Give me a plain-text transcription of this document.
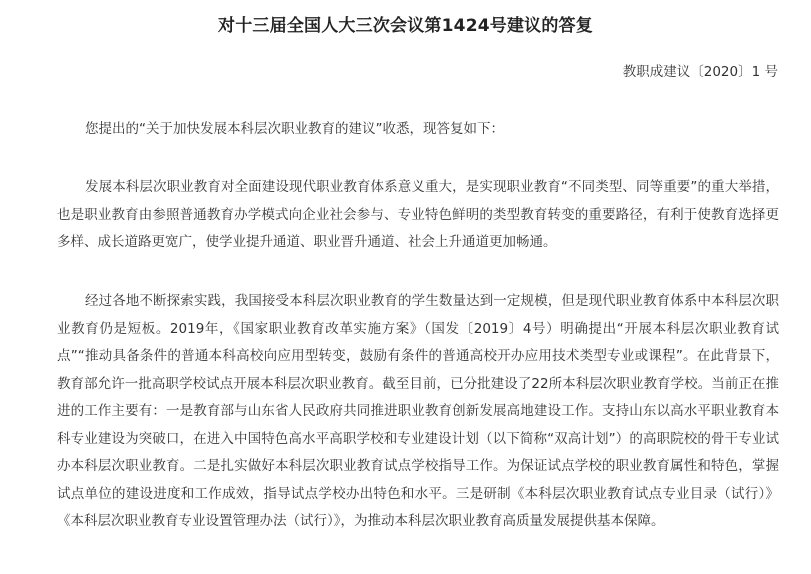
对十三届全国人大三次会议第1424号建议的答复
教职成建议〔2020〕1 号

您提出的“关于加快发展本科层次职业教育的建议”收悉，现答复如下：

发展本科层次职业教育对全面建设现代职业教育体系意义重大，是实现职业教育“不同类型、同等重要”的重大举措，也是职业教育由参照普通教育办学模式向企业社会参与、专业特色鲜明的类型教育转变的重要路径，有利于使教育选择更多样、成长道路更宽广，使学业提升通道、职业晋升通道、社会上升通道更加畅通。

经过各地不断探索实践，我国接受本科层次职业教育的学生数量达到一定规模，但是现代职业教育体系中本科层次职业教育仍是短板。2019年，《国家职业教育改革实施方案》（国发〔2019〕4号）明确提出“开展本科层次职业教育试点”“推动具备条件的普通本科高校向应用型转变，鼓励有条件的普通高校开办应用技术类型专业或课程”。在此背景下，教育部允许一批高职学校试点开展本科层次职业教育。截至目前，已分批建设了22所本科层次职业教育学校。当前正在推进的工作主要有：一是教育部与山东省人民政府共同推进职业教育创新发展高地建设工作。支持山东以高水平职业教育本科专业建设为突破口，在进入中国特色高水平高职学校和专业建设计划（以下简称“双高计划”）的高职院校的骨干专业试办本科层次职业教育。二是扎实做好本科层次职业教育试点学校指导工作。为保证试点学校的职业教育属性和特色，掌握试点单位的建设进度和工作成效，指导试点学校办出特色和水平。三是研制《本科层次职业教育试点专业目录（试行）》《本科层次职业教育专业设置管理办法（试行）》，为推动本科层次职业教育高质量发展提供基本保障。
